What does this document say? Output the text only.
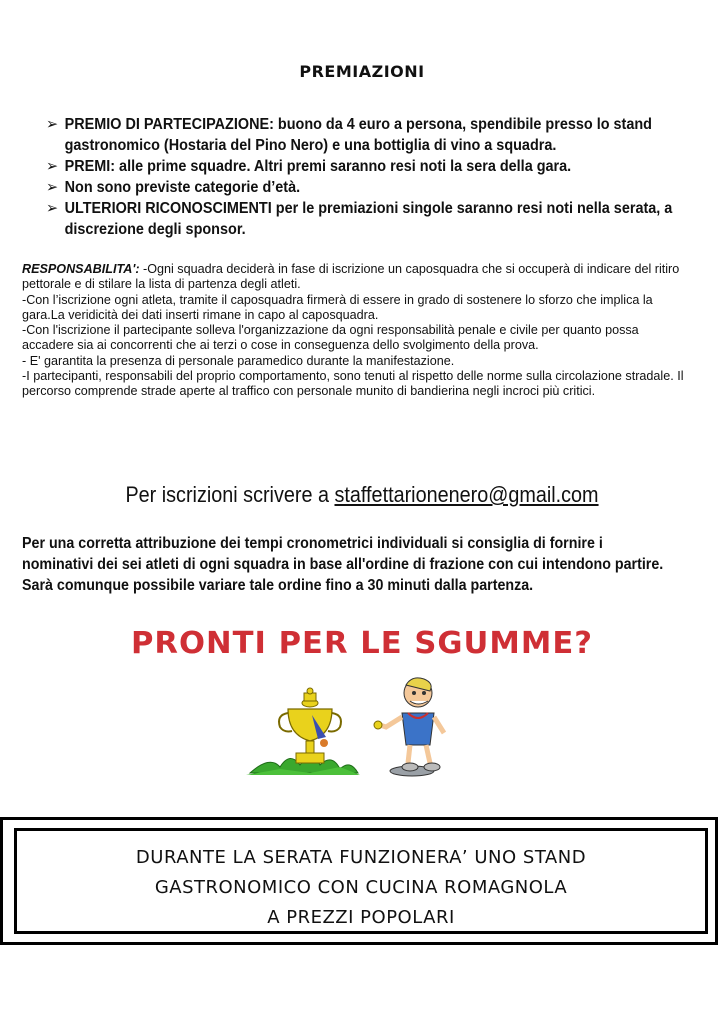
PREMIAZIONI
➢ PREMIO DI PARTECIPAZIONE: buono da 4 euro a persona, spendibile presso lo stand gastronomico (Hostaria del Pino Nero) e una bottiglia di vino a squadra.
➢ PREMI: alle prime squadre. Altri premi saranno resi noti la sera della gara.
➢ Non sono previste categorie d’età.
➢ ULTERIORI RICONOSCIMENTI per le premiazioni singole saranno resi noti nella serata, a discrezione degli sponsor.

RESPONSABILITA': -Ogni squadra deciderà in fase di iscrizione un caposquadra che si occuperà di indicare del ritiro pettorale e di stilare la lista di partenza degli atleti.

-Con l’iscrizione ogni atleta, tramite il caposquadra firmerà di essere in grado di sostenere lo sforzo che implica la gara.La veridicità dei dati inserti rimane in capo al caposquadra.

-Con l'iscrizione il partecipante solleva l'organizzazione da ogni responsabilità penale e civile per quanto possa accadere sia ai concorrenti che ai terzi o cose in conseguenza dello svolgimento della prova.

- E' garantita la presenza di personale paramedico durante la manifestazione.

-I partecipanti, responsabili del proprio comportamento, sono tenuti al rispetto delle norme sulla circolazione stradale. Il percorso comprende strade aperte al traffico con personale munito di bandierina negli incroci più critici.

Per iscrizioni scrivere a staffettarionenero@gmail.com
Per una corretta attribuzione dei tempi cronometrici individuali si consiglia di fornire i nominativi dei sei atleti di ogni squadra in base all'ordine di frazione con cui intendono partire. Sarà comunque possibile variare tale ordine fino a 30 minuti dalla partenza.
PRONTI PER LE SGUMME?
DURANTE LA SERATA FUNZIONERA’ UNO STAND
GASTRONOMICO CON CUCINA ROMAGNOLA
A PREZZI POPOLARI
